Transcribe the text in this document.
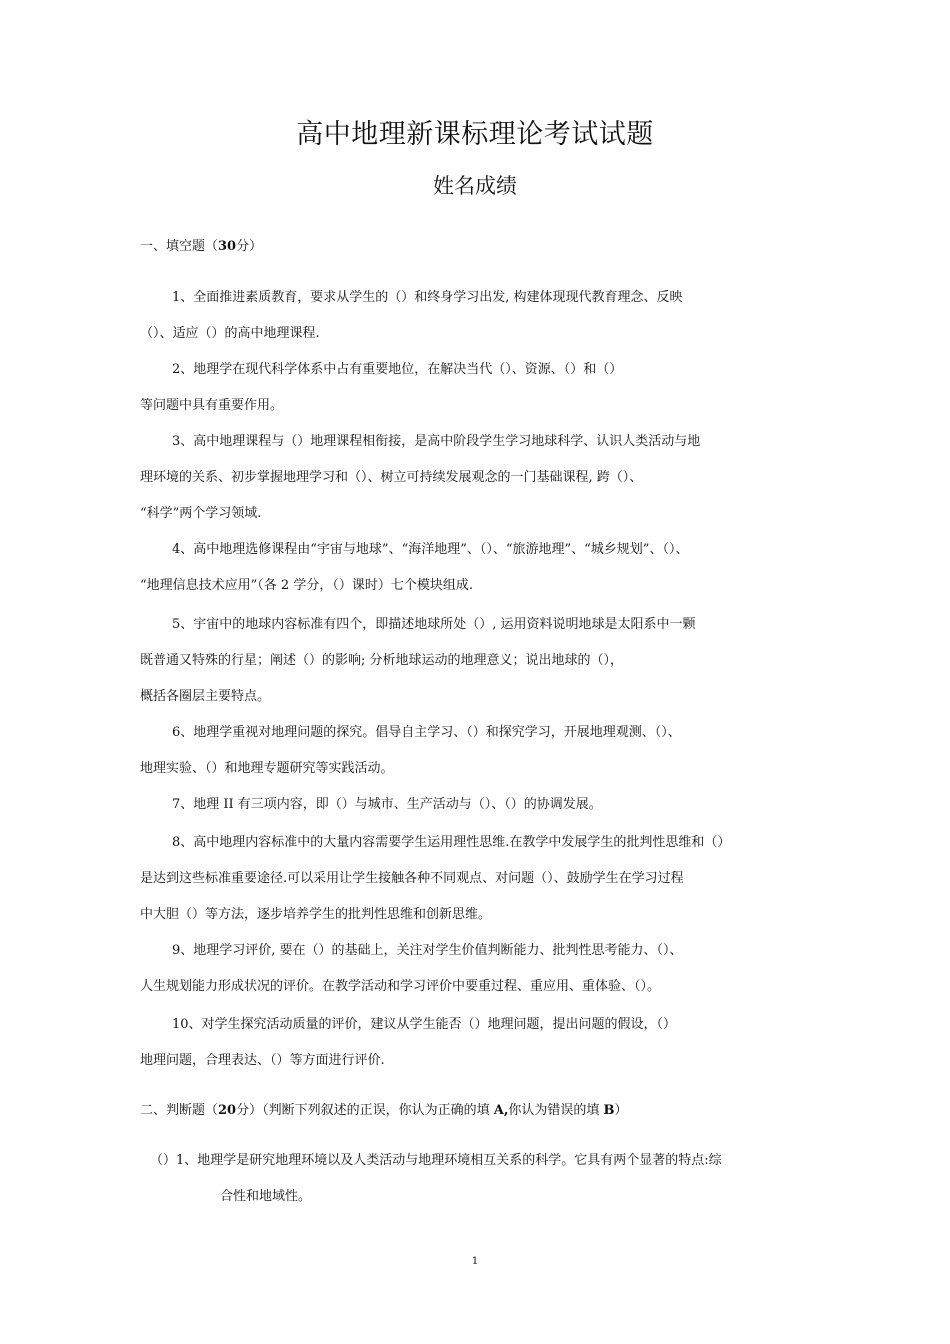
高中地理新课标理论考试试题
姓名成绩
一、填空题（30分）
1、全面推进素质教育，要求从学生的（）和终身学习出发, 构建体现现代教育理念、反映
（）、适应（）的高中地理课程.
2、地理学在现代科学体系中占有重要地位，在解决当代（）、资源、（）和（）
等问题中具有重要作用。
3、高中地理课程与（）地理课程相衔接，是高中阶段学生学习地球科学、认识人类活动与地
理环境的关系、初步掌握地理学习和（）、树立可持续发展观念的一门基础课程, 跨（）、
“科学”两个学习领域.
4、高中地理选修课程由“宇宙与地球”、“海洋地理”、（）、“旅游地理”、“城乡规划”、（）、
“地理信息技术应用”（各 2 学分，（）课时）七个模块组成.
5、宇宙中的地球内容标准有四个，即描述地球所处（）, 运用资料说明地球是太阳系中一颗
既普通又特殊的行星；阐述（）的影响; 分析地球运动的地理意义；说出地球的（），
概括各圈层主要特点。
6、地理学重视对地理问题的探究。倡导自主学习、（）和探究学习，开展地理观测、（）、
地理实验、（）和地理专题研究等实践活动。
7、地理 II 有三项内容，即（）与城市、生产活动与（）、（）的协调发展。
8、高中地理内容标准中的大量内容需要学生运用理性思维.在教学中发展学生的批判性思维和（）
是达到这些标准重要途径.可以采用让学生接触各种不同观点、对问题（）、鼓励学生在学习过程
中大胆（）等方法，逐步培养学生的批判性思维和创新思维。
9、地理学习评价, 要在（）的基础上，关注对学生价值判断能力、批判性思考能力、（）、
人生规划能力形成状况的评价。在教学活动和学习评价中要重过程、重应用、重体验、（）。
10、对学生探究活动质量的评价，建议从学生能否（）地理问题，提出问题的假设，（）
地理问题，合理表达、（）等方面进行评价.
二、判断题（20分）（判断下列叙述的正误，你认为正确的填 A,你认为错误的填 B）
（）1、地理学是研究地理环境以及人类活动与地理环境相互关系的科学。它具有两个显著的特点:综
合性和地域性。
1
